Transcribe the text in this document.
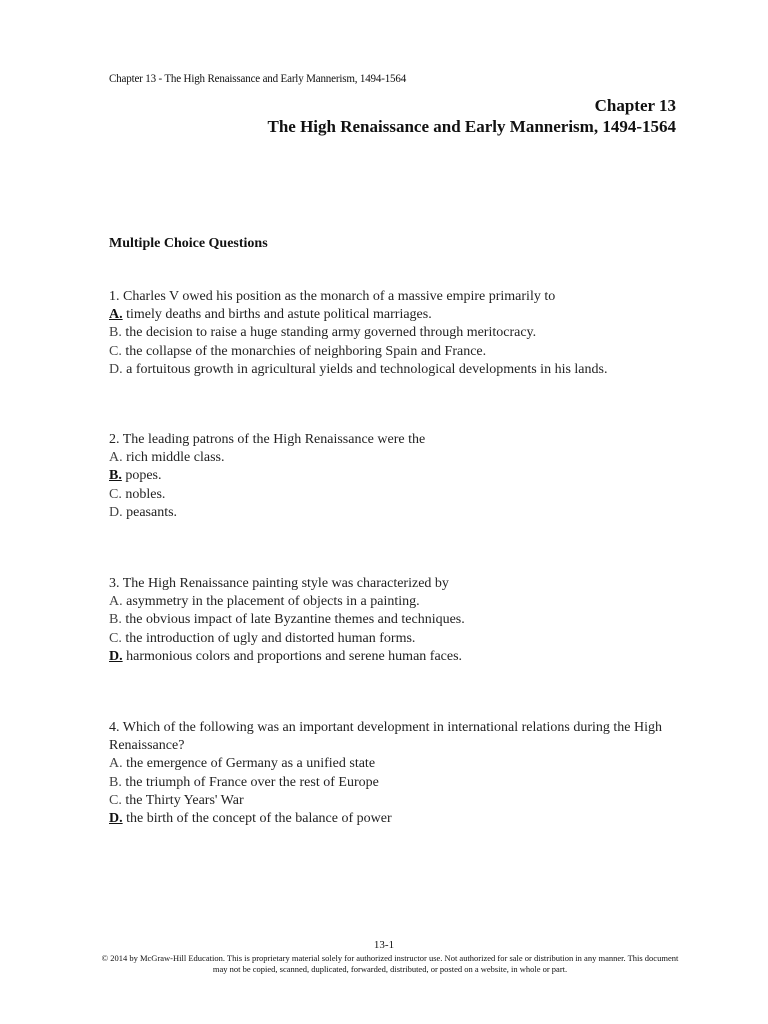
Chapter 13 - The High Renaissance and Early Mannerism, 1494-1564
Chapter 13
The High Renaissance and Early Mannerism, 1494-1564
Multiple Choice Questions
1. Charles V owed his position as the monarch of a massive empire primarily to
A. timely deaths and births and astute political marriages.
B. the decision to raise a huge standing army governed through meritocracy.
C. the collapse of the monarchies of neighboring Spain and France.
D. a fortuitous growth in agricultural yields and technological developments in his lands.
2. The leading patrons of the High Renaissance were the
A. rich middle class.
B. popes.
C. nobles.
D. peasants.
3. The High Renaissance painting style was characterized by
A. asymmetry in the placement of objects in a painting.
B. the obvious impact of late Byzantine themes and techniques.
C. the introduction of ugly and distorted human forms.
D. harmonious colors and proportions and serene human faces.
4. Which of the following was an important development in international relations during the High Renaissance?
A. the emergence of Germany as a unified state
B. the triumph of France over the rest of Europe
C. the Thirty Years' War
D. the birth of the concept of the balance of power
13-1
© 2014 by McGraw-Hill Education. This is proprietary material solely for authorized instructor use. Not authorized for sale or distribution in any manner. This document may not be copied, scanned, duplicated, forwarded, distributed, or posted on a website, in whole or part.
